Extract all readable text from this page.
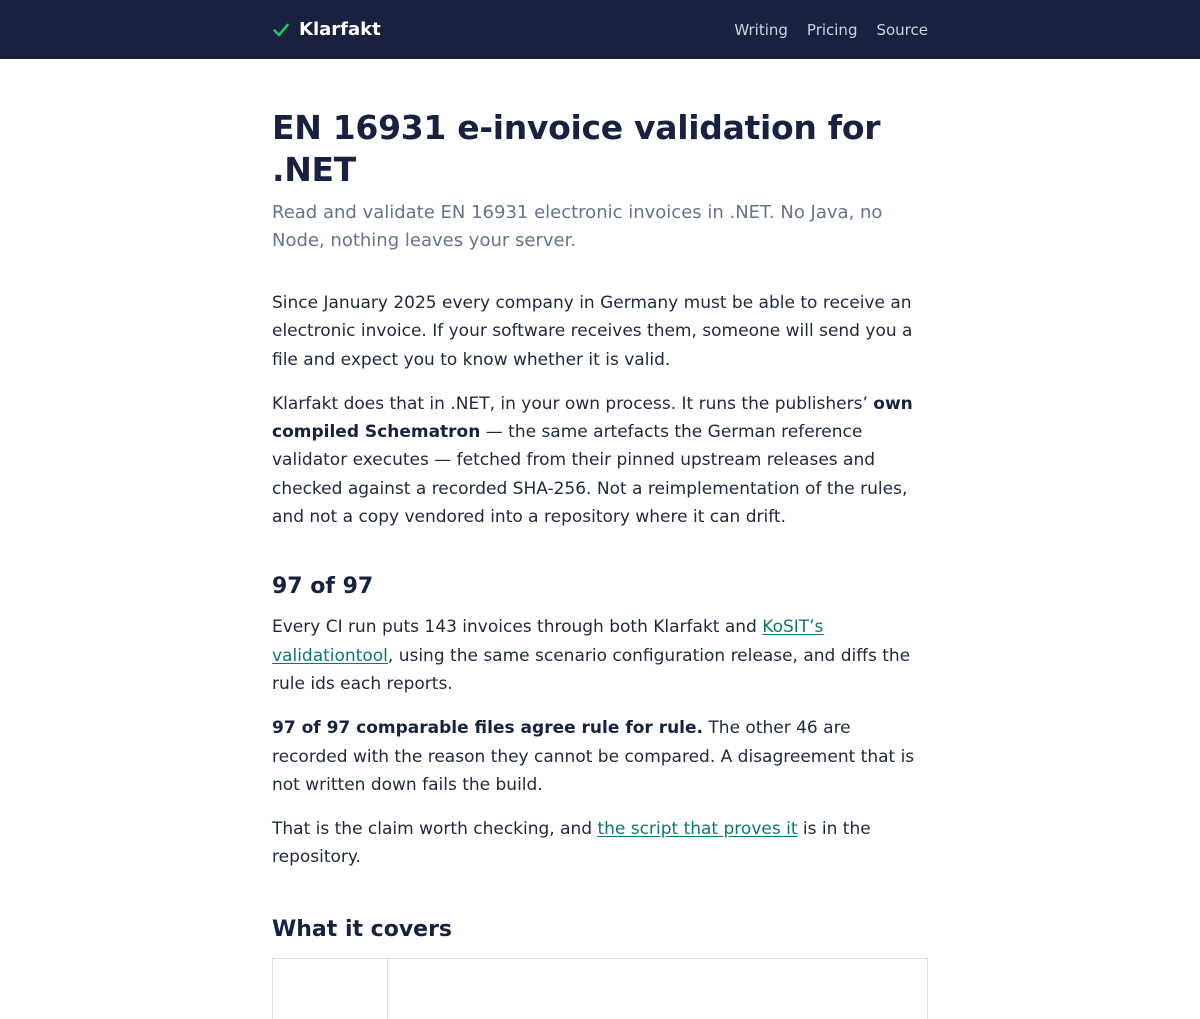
Klarfakt	Writing Pricing Source
EN 16931 e-invoice validation for .NET

Read and validate EN 16931 electronic invoices in .NET. No Java, no Node, nothing leaves your server.

Since January 2025 every company in Germany must be able to receive an electronic invoice. If your software receives them, someone will send you a file and expect you to know whether it is valid.

Klarfakt does that in .NET, in your own process. It runs the publishers’ own compiled Schematron — the same artefacts the German reference validator executes — fetched from their pinned upstream releases and checked against a recorded SHA-256. Not a reimplementation of the rules, and not a copy vendored into a repository where it can drift.

97 of 97

Every CI run puts 143 invoices through both Klarfakt and KoSIT’s validationtool, using the same scenario configuration release, and diffs the rule ids each reports.

97 of 97 comparable files agree rule for rule. The other 46 are recorded with the reason they cannot be compared. A disagreement that is not written down fails the build.

That is the claim worth checking, and the script that proves it is in the repository.

What it covers
